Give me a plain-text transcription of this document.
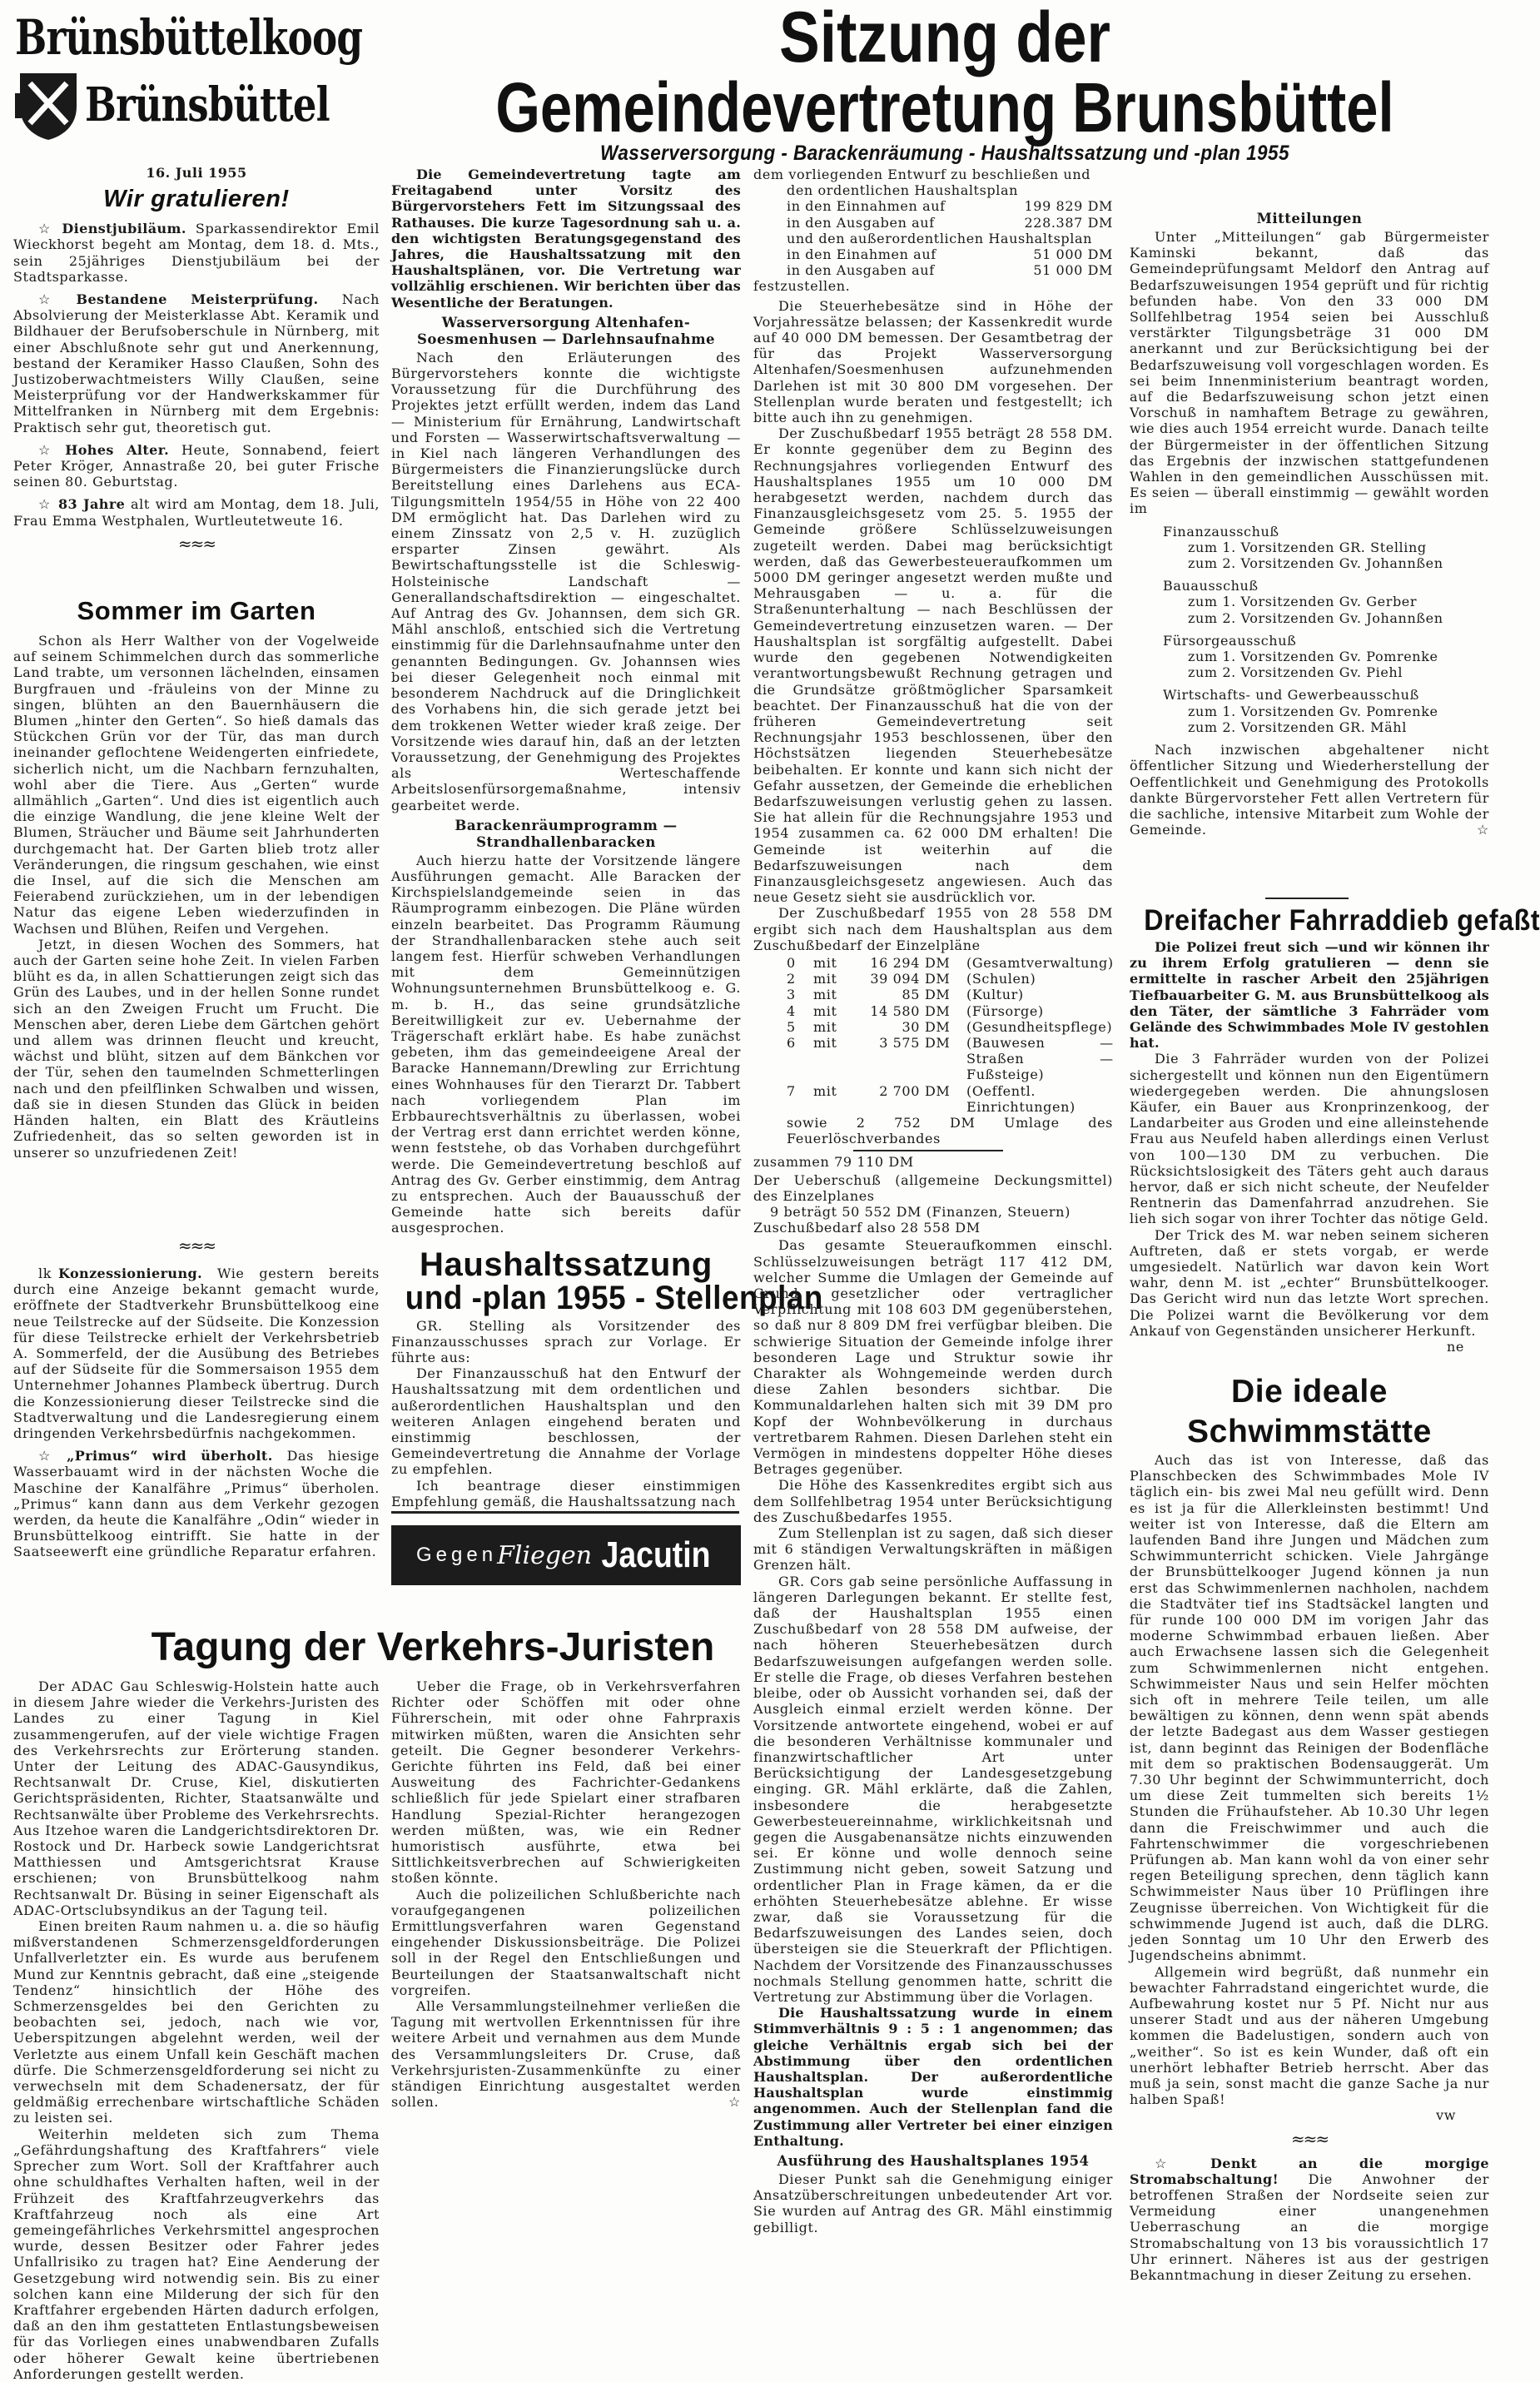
Brünsbüttelkoog
Brünsbüttel
Sitzung der
Gemeindevertretung Brunsbüttel
Wasserversorgung - Barackenräumung - Haushaltssatzung und -plan 1955
16. Juli 1955
Wir gratulieren!

☆ Dienstjubiläum. Sparkassendirektor Emil Wieckhorst begeht am Montag, dem 18. d. Mts., sein 25jähriges Dienstjubiläum bei der Stadtsparkasse.

☆ Bestandene Meisterprüfung. Nach Absolvierung der Meisterklasse Abt. Keramik und Bildhauer der Berufsoberschule in Nürnberg, mit einer Abschlußnote sehr gut und Anerkennung, bestand der Keramiker Hasso Claußen, Sohn des Justizoberwachtmeisters Willy Claußen, seine Meisterprüfung vor der Handwerkskammer für Mittelfranken in Nürnberg mit dem Ergebnis: Praktisch sehr gut, theoretisch gut.

☆ Hohes Alter. Heute, Sonnabend, feiert Peter Kröger, Annastraße 20, bei guter Frische seinen 80. Geburtstag.

☆ 83 Jahre alt wird am Montag, dem 18. Juli, Frau Emma Westphalen, Wurtleutetweute 16.

≈≈≈
Sommer im Garten

Schon als Herr Walther von der Vogelweide auf seinem Schimmelchen durch das sommerliche Land trabte, um versonnen lächelnden, einsamen Burgfrauen und -fräuleins von der Minne zu singen, blühten an den Bauernhäusern die Blumen „hinter den Gerten“. So hieß damals das Stückchen Grün vor der Tür, das man durch ineinander geflochtene Weidengerten einfriedete, sicherlich nicht, um die Nachbarn fernzuhalten, wohl aber die Tiere. Aus „Gerten“ wurde allmählich „Garten“. Und dies ist eigentlich auch die einzige Wandlung, die jene kleine Welt der Blumen, Sträucher und Bäume seit Jahrhunderten durchgemacht hat. Der Garten blieb trotz aller Veränderungen, die ringsum geschahen, wie einst die Insel, auf die sich die Menschen am Feierabend zurückziehen, um in der lebendigen Natur das eigene Leben wiederzufinden in Wachsen und Blühen, Reifen und Vergehen.

Jetzt, in diesen Wochen des Sommers, hat auch der Garten seine hohe Zeit. In vielen Farben blüht es da, in allen Schattierungen zeigt sich das Grün des Laubes, und in der hellen Sonne rundet sich an den Zweigen Frucht um Frucht. Die Menschen aber, deren Liebe dem Gärtchen gehört und allem was drinnen fleucht und kreucht, wächst und blüht, sitzen auf dem Bänkchen vor der Tür, sehen den taumelnden Schmetterlingen nach und den pfeilflinken Schwalben und wissen, daß sie in diesen Stunden das Glück in beiden Händen halten, ein Blatt des Kräutleins Zufriedenheit, das so selten geworden ist in unserer so unzufriedenen Zeit!

≈≈≈

lk Konzessionierung. Wie gestern bereits durch eine Anzeige bekannt gemacht wurde, eröffnete der Stadtverkehr Brunsbüttelkoog eine neue Teilstrecke auf der Südseite. Die Konzession für diese Teilstrecke erhielt der Verkehrsbetrieb A. Sommerfeld, der die Ausübung des Betriebes auf der Südseite für die Sommersaison 1955 dem Unternehmer Johannes Plambeck übertrug. Durch die Konzessionierung dieser Teilstrecke sind die Stadtverwaltung und die Landesregierung einem dringenden Verkehrsbedürfnis nachgekommen.

☆ „Primus“ wird überholt. Das hiesige Wasserbauamt wird in der nächsten Woche die Maschine der Kanalfähre „Primus“ überholen. „Primus“ kann dann aus dem Verkehr gezogen werden, da heute die Kanalfähre „Odin“ wieder in Brunsbüttelkoog eintrifft. Sie hatte in der Saatseewerft eine gründliche Reparatur erfahren.

Die Gemeindevertretung tagte am Freitagabend unter Vorsitz des Bürgervorstehers Fett im Sitzungssaal des Rathauses. Die kurze Tagesordnung sah u. a. den wichtigsten Beratungsgegenstand des Jahres, die Haushaltssatzung mit den Haushaltsplänen, vor. Die Vertretung war vollzählig erschienen. Wir berichten über das Wesentliche der Beratungen.

Wasserversorgung Altenhafen-Soesmenhusen — Darlehnsaufnahme

Nach den Erläuterungen des Bürgervorstehers konnte die wichtigste Voraussetzung für die Durchführung des Projektes jetzt erfüllt werden, indem das Land — Ministerium für Ernährung, Landwirtschaft und Forsten — Wasserwirtschaftsverwaltung — in Kiel nach längeren Verhandlungen des Bürgermeisters die Finanzierungslücke durch Bereitstellung eines Darlehens aus ECA-Tilgungsmitteln 1954/55 in Höhe von 22 400 DM ermöglicht hat. Das Darlehen wird zu einem Zinssatz von 2,5 v. H. zuzüglich ersparter Zinsen gewährt. Als Bewirtschaftungsstelle ist die Schleswig-Holsteinische Landschaft — Generallandschaftsdirektion — eingeschaltet. Auf Antrag des Gv. Johannsen, dem sich GR. Mähl anschloß, entschied sich die Vertretung einstimmig für die Darlehnsaufnahme unter den genannten Bedingungen. Gv. Johannsen wies bei dieser Gelegenheit noch einmal mit besonderem Nachdruck auf die Dringlichkeit des Vorhabens hin, die sich gerade jetzt bei dem trokkenen Wetter wieder kraß zeige. Der Vorsitzende wies darauf hin, daß an der letzten Voraussetzung, der Genehmigung des Projektes als Werteschaffende Arbeitslosenfürsorgemaßnahme, intensiv gearbeitet werde.

Barackenräumprogramm — Strandhallenbaracken

Auch hierzu hatte der Vorsitzende längere Ausführungen gemacht. Alle Baracken der Kirchspielslandgemeinde seien in das Räumprogramm einbezogen. Die Pläne würden einzeln bearbeitet. Das Programm Räumung der Strandhallenbaracken stehe auch seit langem fest. Hierfür schweben Verhandlungen mit dem Gemeinnützigen Wohnungsunternehmen Brunsbüttelkoog e. G. m. b. H., das seine grundsätzliche Bereitwilligkeit zur ev. Uebernahme der Trägerschaft erklärt habe. Es habe zunächst gebeten, ihm das gemeindeeigene Areal der Baracke Hannemann/Drewling zur Errichtung eines Wohnhauses für den Tierarzt Dr. Tabbert nach vorliegendem Plan im Erbbaurechtsverhältnis zu überlassen, wobei der Vertrag erst dann errichtet werden könne, wenn feststehe, ob das Vorhaben durchgeführt werde. Die Gemeindevertretung beschloß auf Antrag des Gv. Gerber einstimmig, dem Antrag zu entsprechen. Auch der Bauausschuß der Gemeinde hatte sich bereits dafür ausgesprochen.

Haushaltssatzung
und -plan 1955 - Stellenplan

GR. Stelling als Vorsitzender des Finanzausschusses sprach zur Vorlage. Er führte aus:

Der Finanzausschuß hat den Entwurf der Haushaltssatzung mit dem ordentlichen und außerordentlichen Haushaltsplan und den weiteren Anlagen eingehend beraten und einstimmig beschlossen, der Gemeindevertretung die Annahme der Vorlage zu empfehlen.

Ich beantrage dieser einstimmigen Empfehlung gemäß, die Haushaltssatzung nach

Gegen Fliegen Jacutin
Tagung der Verkehrs-Juristen

Der ADAC Gau Schleswig-Holstein hatte auch in diesem Jahre wieder die Verkehrs-Juristen des Landes zu einer Tagung in Kiel zusammengerufen, auf der viele wichtige Fragen des Verkehrsrechts zur Erörterung standen. Unter der Leitung des ADAC-Gausyndikus, Rechtsanwalt Dr. Cruse, Kiel, diskutierten Gerichtspräsidenten, Richter, Staatsanwälte und Rechtsanwälte über Probleme des Verkehrsrechts. Aus Itzehoe waren die Landgerichtsdirektoren Dr. Rostock und Dr. Harbeck sowie Landgerichtsrat Matthiessen und Amtsgerichtsrat Krause erschienen; von Brunsbüttelkoog nahm Rechtsanwalt Dr. Büsing in seiner Eigenschaft als ADAC-Ortsclubsyndikus an der Tagung teil.

Einen breiten Raum nahmen u. a. die so häufig mißverstandenen Schmerzensgeldforderungen Unfallverletzter ein. Es wurde aus berufenem Mund zur Kenntnis gebracht, daß eine „steigende Tendenz“ hinsichtlich der Höhe des Schmerzensgeldes bei den Gerichten zu beobachten sei, jedoch, nach wie vor, Ueberspitzungen abgelehnt werden, weil der Verletzte aus einem Unfall kein Geschäft machen dürfe. Die Schmerzensgeldforderung sei nicht zu verwechseln mit dem Schadenersatz, der für geldmäßig errechenbare wirtschaftliche Schäden zu leisten sei.

Weiterhin meldeten sich zum Thema „Gefährdungshaftung des Kraftfahrers“ viele Sprecher zum Wort. Soll der Kraftfahrer auch ohne schuldhaftes Verhalten haften, weil in der Frühzeit des Kraftfahrzeugverkehrs das Kraftfahrzeug noch als eine Art gemeingefährliches Verkehrsmittel angesprochen wurde, dessen Besitzer oder Fahrer jedes Unfallrisiko zu tragen hat? Eine Aenderung der Gesetzgebung wird notwendig sein. Bis zu einer solchen kann eine Milderung der sich für den Kraftfahrer ergebenden Härten dadurch erfolgen, daß an den ihm gestatteten Entlastungsbeweisen für das Vorliegen eines unabwendbaren Zufalls oder höherer Gewalt keine übertriebenen Anforderungen gestellt werden.

Ueber die Frage, ob in Verkehrsverfahren Richter oder Schöffen mit oder ohne Führerschein, mit oder ohne Fahrpraxis mitwirken müßten, waren die Ansichten sehr geteilt. Die Gegner besonderer Verkehrs-Gerichte führten ins Feld, daß bei einer Ausweitung des Fachrichter-Gedankens schließlich für jede Spielart einer strafbaren Handlung Spezial-Richter herangezogen werden müßten, was, wie ein Redner humoristisch ausführte, etwa bei Sittlichkeitsverbrechen auf Schwierigkeiten stoßen könnte.

Auch die polizeilichen Schlußberichte nach voraufgegangenen polizeilichen Ermittlungsverfahren waren Gegenstand eingehender Diskussionsbeiträge. Die Polizei soll in der Regel den Entschließungen und Beurteilungen der Staatsanwaltschaft nicht vorgreifen.

Alle Versammlungsteilnehmer verließen die Tagung mit wertvollen Erkenntnissen für ihre weitere Arbeit und vernahmen aus dem Munde des Versammlungsleiters Dr. Cruse, daß Verkehrsjuristen-Zusammenkünfte zu einer ständigen Einrichtung ausgestaltet werden sollen.	☆

dem vorliegenden Entwurf zu beschließen und
den ordentlichen Haushaltsplan
in den Einnahmen auf	199 829 DM
in den Ausgaben auf	228.387 DM
und den außerordentlichen Haushaltsplan
in den Einahmen auf	51 000 DM
in den Ausgaben auf	51 000 DM
festzustellen.

Die Steuerhebesätze sind in Höhe der Vorjahressätze belassen; der Kassenkredit wurde auf 40 000 DM bemessen. Der Gesamtbetrag der für das Projekt Wasserversorgung Altenhafen/Soesmenhusen aufzunehmenden Darlehen ist mit 30 800 DM vorgesehen. Der Stellenplan wurde beraten und festgestellt; ich bitte auch ihn zu genehmigen.

Der Zuschußbedarf 1955 beträgt 28 558 DM. Er konnte gegenüber dem zu Beginn des Rechnungsjahres vorliegenden Entwurf des Haushaltsplanes 1955 um 10 000 DM herabgesetzt werden, nachdem durch das Finanzausgleichsgesetz vom 25. 5. 1955 der Gemeinde größere Schlüsselzuweisungen zugeteilt werden. Dabei mag berücksichtigt werden, daß das Gewerbesteueraufkommen um 5000 DM geringer angesetzt werden mußte und Mehrausgaben — u. a. für die Straßenunterhaltung — nach Beschlüssen der Gemeindevertretung einzusetzen waren. — Der Haushaltsplan ist sorgfältig aufgestellt. Dabei wurde den gegebenen Notwendigkeiten verantwortungsbewußt Rechnung getragen und die Grundsätze größtmöglicher Sparsamkeit beachtet. Der Finanzausschuß hat die von der früheren Gemeindevertretung seit Rechnungsjahr 1953 beschlossenen, über den Höchstsätzen liegenden Steuerhebesätze beibehalten. Er konnte und kann sich nicht der Gefahr aussetzen, der Gemeinde die erheblichen Bedarfszuweisungen verlustig gehen zu lassen. Sie hat allein für die Rechnungsjahre 1953 und 1954 zusammen ca. 62 000 DM erhalten! Die Gemeinde ist weiterhin auf die Bedarfszuweisungen nach dem Finanzausgleichsgesetz angewiesen. Auch das neue Gesetz sieht sie ausdrücklich vor.

Der Zuschußbedarf 1955 von 28 558 DM ergibt sich nach dem Haushaltsplan aus dem Zuschußbedarf der Einzelpläne

0	mit	16 294 DM	(Gesamtverwaltung)
2	mit	39 094 DM	(Schulen)
3	mit	85 DM	(Kultur)
4	mit	14 580 DM	(Fürsorge)
5	mit	30 DM	(Gesundheitspflege)
6	mit	3 575 DM	(Bauwesen — Straßen — Fußsteige)
7	mit	2 700 DM	(Oeffentl. Einrichtungen)
sowie 2 752 DM Umlage des Feuerlöschverbandes
zusammen 79 110 DM
Der Ueberschuß (allgemeine Deckungsmittel) des Einzelplanes
9 beträgt 50 552 DM (Finanzen, Steuern)
Zuschußbedarf also 28 558 DM

Das gesamte Steueraufkommen einschl. Schlüsselzuweisungen beträgt 117 412 DM, welcher Summe die Umlagen der Gemeinde auf Grund gesetzlicher oder vertraglicher Verpflichtung mit 108 603 DM gegenüberstehen, so daß nur 8 809 DM frei verfügbar bleiben. Die schwierige Situation der Gemeinde infolge ihrer besonderen Lage und Struktur sowie ihr Charakter als Wohngemeinde werden durch diese Zahlen besonders sichtbar. Die Kommunaldarlehen halten sich mit 39 DM pro Kopf der Wohnbevölkerung in durchaus vertretbarem Rahmen. Diesen Darlehen steht ein Vermögen in mindestens doppelter Höhe dieses Betrages gegenüber.

Die Höhe des Kassenkredites ergibt sich aus dem Sollfehlbetrag 1954 unter Berücksichtigung des Zuschußbedarfes 1955.

Zum Stellenplan ist zu sagen, daß sich dieser mit 6 ständigen Verwaltungskräften in mäßigen Grenzen hält.

GR. Cors gab seine persönliche Auffassung in längeren Darlegungen bekannt. Er stellte fest, daß der Haushaltsplan 1955 einen Zuschußbedarf von 28 558 DM aufweise, der nach höheren Steuerhebesätzen durch Bedarfszuweisungen aufgefangen werden solle. Er stelle die Frage, ob dieses Verfahren bestehen bleibe, oder ob Aussicht vorhanden sei, daß der Ausgleich einmal erzielt werden könne. Der Vorsitzende antwortete eingehend, wobei er auf die besonderen Verhältnisse kommunaler und finanzwirtschaftlicher Art unter Berücksichtigung der Landesgesetzgebung einging. GR. Mähl erklärte, daß die Zahlen, insbesondere die herabgesetzte Gewerbesteuereinnahme, wirklichkeitsnah und gegen die Ausgabenansätze nichts einzuwenden sei. Er könne und wolle dennoch seine Zustimmung nicht geben, soweit Satzung und ordentlicher Plan in Frage kämen, da er die erhöhten Steuerhebesätze ablehne. Er wisse zwar, daß sie Voraussetzung für die Bedarfszuweisungen des Landes seien, doch übersteigen sie die Steuerkraft der Pflichtigen. Nachdem der Vorsitzende des Finanzausschusses nochmals Stellung genommen hatte, schritt die Vertretung zur Abstimmung über die Vorlagen.

Die Haushaltssatzung wurde in einem Stimmverhältnis 9 : 5 : 1 angenommen; das gleiche Verhältnis ergab sich bei der Abstimmung über den ordentlichen Haushaltsplan. Der außerordentliche Haushaltsplan wurde einstimmig angenommen. Auch der Stellenplan fand die Zustimmung aller Vertreter bei einer einzigen Enthaltung.

Ausführung des Haushaltsplanes 1954

Dieser Punkt sah die Genehmigung einiger Ansatzüberschreitungen unbedeutender Art vor. Sie wurden auf Antrag des GR. Mähl einstimmig gebilligt.

Mitteilungen

Unter „Mitteilungen“ gab Bürgermeister Kaminski bekannt, daß das Gemeindeprüfungsamt Meldorf den Antrag auf Bedarfszuweisungen 1954 geprüft und für richtig befunden habe. Von den 33 000 DM Sollfehlbetrag 1954 seien bei Ausschluß verstärkter Tilgungsbeträge 31 000 DM anerkannt und zur Berücksichtigung bei der Bedarfszuweisung voll vorgeschlagen worden. Es sei beim Innenministerium beantragt worden, auf die Bedarfszuweisung schon jetzt einen Vorschuß in namhaftem Betrage zu gewähren, wie dies auch 1954 erreicht wurde. Danach teilte der Bürgermeister in der öffentlichen Sitzung das Ergebnis der inzwischen stattgefundenen Wahlen in den gemeindlichen Ausschüssen mit. Es seien — überall einstimmig — gewählt worden im

Finanzausschuß
zum 1. Vorsitzenden GR. Stelling
zum 2. Vorsitzenden Gv. Johannßen
Bauausschuß
zum 1. Vorsitzenden Gv. Gerber
zum 2. Vorsitzenden Gv. Johannßen
Fürsorgeausschuß
zum 1. Vorsitzenden Gv. Pomrenke
zum 2. Vorsitzenden Gv. Piehl
Wirtschafts- und Gewerbeausschuß
zum 1. Vorsitzenden Gv. Pomrenke
zum 2. Vorsitzenden GR. Mähl

Nach inzwischen abgehaltener nicht öffentlicher Sitzung und Wiederherstellung der Oeffentlichkeit und Genehmigung des Protokolls dankte Bürgervorsteher Fett allen Vertretern für die sachliche, intensive Mitarbeit zum Wohle der Gemeinde.	☆

Dreifacher Fahrraddieb gefaßt

Die Polizei freut sich —und wir können ihr zu ihrem Erfolg gratulieren — denn sie ermittelte in rascher Arbeit den 25jährigen Tiefbauarbeiter G. M. aus Brunsbüttelkoog als den Täter, der sämtliche 3 Fahrräder vom Gelände des Schwimmbades Mole IV gestohlen hat.

Die 3 Fahrräder wurden von der Polizei sichergestellt und können nun den Eigentümern wiedergegeben werden. Die ahnungslosen Käufer, ein Bauer aus Kronprinzenkoog, der Landarbeiter aus Groden und eine alleinstehende Frau aus Neufeld haben allerdings einen Verlust von 100—130 DM zu verbuchen. Die Rücksichtslosigkeit des Täters geht auch daraus hervor, daß er sich nicht scheute, der Neufelder Rentnerin das Damenfahrrad anzudrehen. Sie lieh sich sogar von ihrer Tochter das nötige Geld.

Der Trick des M. war neben seinem sicheren Auftreten, daß er stets vorgab, er werde umgesiedelt. Natürlich war davon kein Wort wahr, denn M. ist „echter“ Brunsbüttelkooger. Das Gericht wird nun das letzte Wort sprechen. Die Polizei warnt die Bevölkerung vor dem Ankauf von Gegenständen unsicherer Herkunft.
ne

Die ideale Schwimmstätte

Auch das ist von Interesse, daß das Planschbecken des Schwimmbades Mole IV täglich ein- bis zwei Mal neu gefüllt wird. Denn es ist ja für die Allerkleinsten bestimmt! Und weiter ist von Interesse, daß die Eltern am laufenden Band ihre Jungen und Mädchen zum Schwimmunterricht schicken. Viele Jahrgänge der Brunsbüttelkooger Jugend können ja nun erst das Schwimmenlernen nachholen, nachdem die Stadtväter tief ins Stadtsäckel langten und für runde 100 000 DM im vorigen Jahr das moderne Schwimmbad erbauen ließen. Aber auch Erwachsene lassen sich die Gelegenheit zum Schwimmenlernen nicht entgehen. Schwimmeister Naus und sein Helfer möchten sich oft in mehrere Teile teilen, um alle bewältigen zu können, denn wenn spät abends der letzte Badegast aus dem Wasser gestiegen ist, dann beginnt das Reinigen der Bodenfläche mit dem so praktischen Bodensauggerät. Um 7.30 Uhr beginnt der Schwimmunterricht, doch um diese Zeit tummelten sich bereits 1½ Stunden die Frühaufsteher. Ab 10.30 Uhr legen dann die Freischwimmer und auch die Fahrtenschwimmer die vorgeschriebenen Prüfungen ab. Man kann wohl da von einer sehr regen Beteiligung sprechen, denn täglich kann Schwimmeister Naus über 10 Prüflingen ihre Zeugnisse überreichen. Von Wichtigkeit für die schwimmende Jugend ist auch, daß die DLRG. jeden Sonntag um 10 Uhr den Erwerb des Jugendscheins abnimmt.

Allgemein wird begrüßt, daß nunmehr ein bewachter Fahrradstand eingerichtet wurde, die Aufbewahrung kostet nur 5 Pf. Nicht nur aus unserer Stadt und aus der näheren Umgebung kommen die Badelustigen, sondern auch von „weither“. So ist es kein Wunder, daß oft ein unerhört lebhafter Betrieb herrscht. Aber das muß ja sein, sonst macht die ganze Sache ja nur halben Spaß!

vw
≈≈≈

☆ Denkt an die morgige Stromabschaltung! Die Anwohner der betroffenen Straßen der Nordseite seien zur Vermeidung einer unangenehmen Ueberraschung an die morgige Stromabschaltung von 13 bis voraussichtlich 17 Uhr erinnert. Näheres ist aus der gestrigen Bekanntmachung in dieser Zeitung zu ersehen.
